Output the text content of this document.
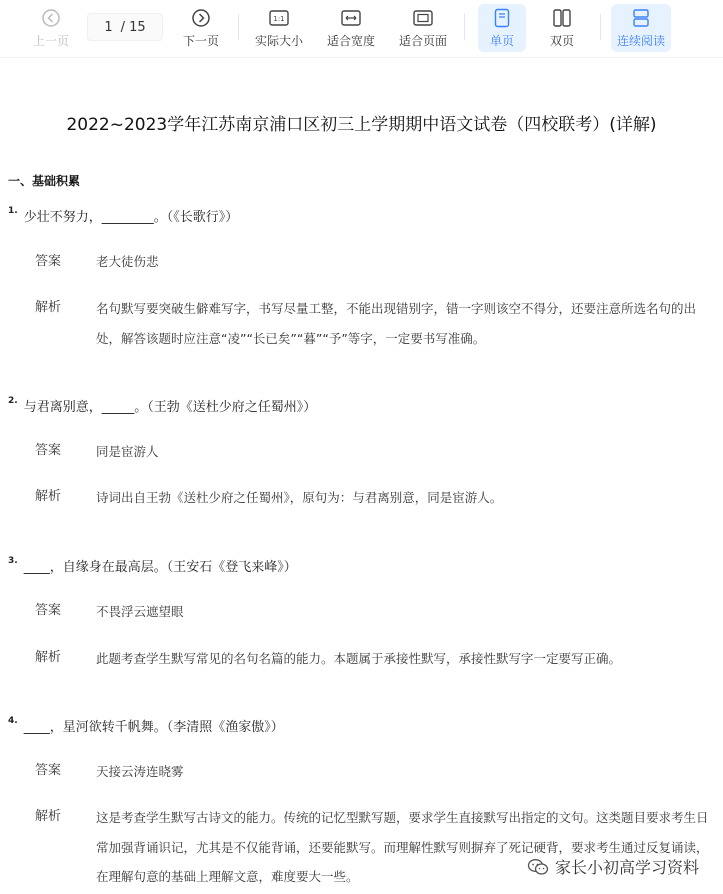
上一页
1 / 15
下一页
1:1
实际大小 适合宽度 适合页面	单页	双页	连续阅读
2022~2023学年江苏南京浦口区初三上学期期中语文试卷（四校联考）(详解)
一、基础积累
$^{1.}$ 少壮不努力，________。（《长歌行》）
答案	老大徒伤悲
解析	名句默写要突破生僻难写字，书写尽量工整，不能出现错别字，错一字则该空不得分，还要注意所选名句的出
处，解答该题时应注意“凌”“长已矣”“暮”“予”等字，一定要书写准确。
$^{2.}$ 与君离别意，_____。（王勃《送杜少府之任蜀州》）
答案	同是宦游人
解析	诗词出自王勃《送杜少府之任蜀州》，原句为：与君离别意，同是宦游人。
$^{3.}$ ____，自缘身在最高层。（王安石《登飞来峰》）
答案	不畏浮云遮望眼
解析	此题考查学生默写常见的名句名篇的能力。本题属于承接性默写，承接性默写字一定要写正确。
$^{4.}$ ____，星河欲转千帆舞。（李清照《渔家傲》）
答案	天接云涛连晓雾
解析	这是考查学生默写古诗文的能力。传统的记忆型默写题，要求学生直接默写出指定的文句。这类题目要求考生日
常加强背诵识记，尤其是不仅能背诵，还要能默写。而理解性默写则摒弃了死记硬背，要求考生通过反复诵读，
在理解句意的基础上理解文意，难度要大一些。	家长小初高学习资料
